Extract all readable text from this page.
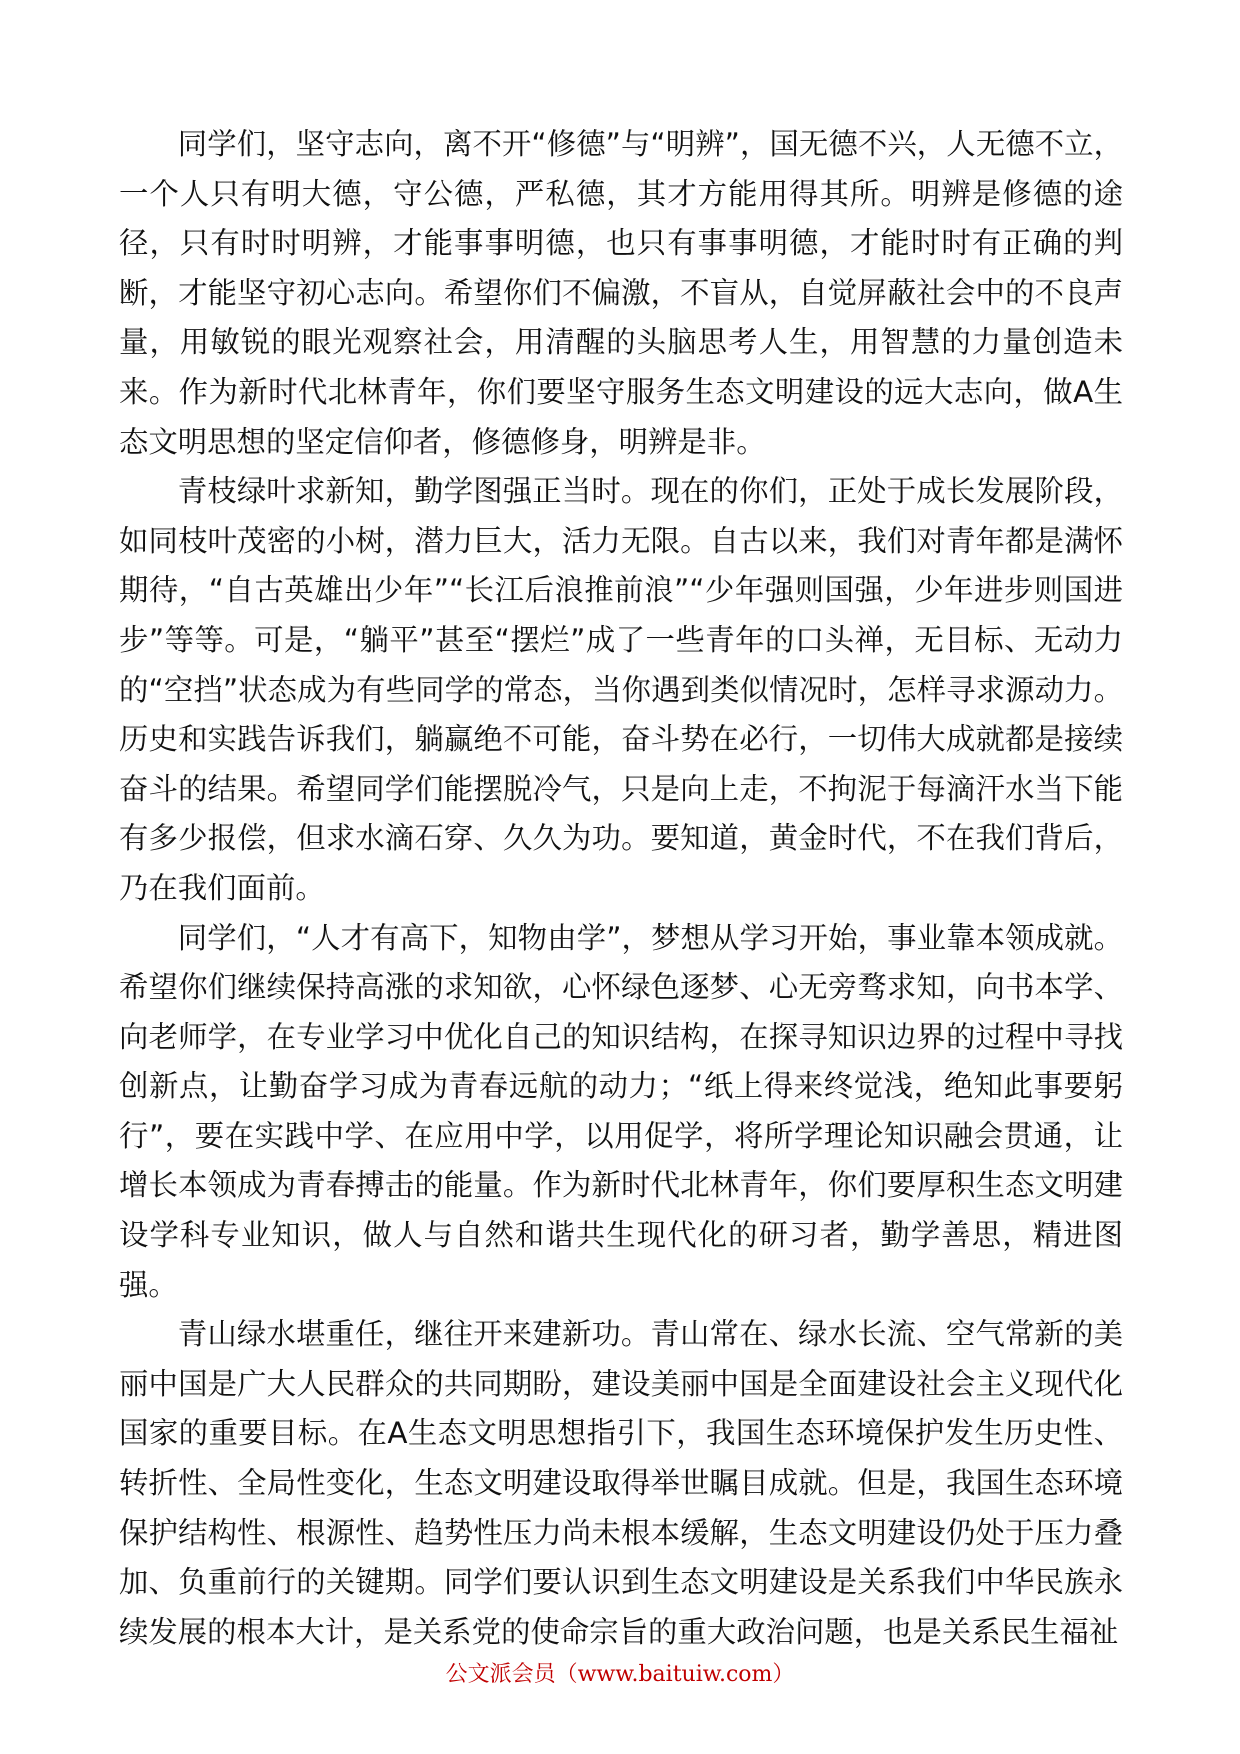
同学们，坚守志向，离不开“修德”与“明辨”，国无德不兴，人无德不立，一个人只有明大德，守公德，严私德，其才方能用得其所。明辨是修德的途径，只有时时明辨，才能事事明德，也只有事事明德，才能时时有正确的判断，才能坚守初心志向。希望你们不偏激，不盲从，自觉屏蔽社会中的不良声量，用敏锐的眼光观察社会，用清醒的头脑思考人生，用智慧的力量创造未来。作为新时代北林青年，你们要坚守服务生态文明建设的远大志向，做A生态文明思想的坚定信仰者，修德修身，明辨是非。

青枝绿叶求新知，勤学图强正当时。现在的你们，正处于成长发展阶段，如同枝叶茂密的小树，潜力巨大，活力无限。自古以来，我们对青年都是满怀期待，“自古英雄出少年”“长江后浪推前浪”“少年强则国强，少年进步则国进步”等等。可是，“躺平”甚至“摆烂”成了一些青年的口头禅，无目标、无动力的“空挡”状态成为有些同学的常态，当你遇到类似情况时，怎样寻求源动力。历史和实践告诉我们，躺赢绝不可能，奋斗势在必行，一切伟大成就都是接续奋斗的结果。希望同学们能摆脱冷气，只是向上走，不拘泥于每滴汗水当下能有多少报偿，但求水滴石穿、久久为功。要知道，黄金时代，不在我们背后，乃在我们面前。

同学们，“人才有高下，知物由学”，梦想从学习开始，事业靠本领成就。希望你们继续保持高涨的求知欲，心怀绿色逐梦、心无旁骛求知，向书本学、向老师学，在专业学习中优化自己的知识结构，在探寻知识边界的过程中寻找创新点，让勤奋学习成为青春远航的动力；“纸上得来终觉浅，绝知此事要躬行”，要在实践中学、在应用中学，以用促学，将所学理论知识融会贯通，让增长本领成为青春搏击的能量。作为新时代北林青年，你们要厚积生态文明建设学科专业知识，做人与自然和谐共生现代化的研习者，勤学善思，精进图强。

青山绿水堪重任，继往开来建新功。青山常在、绿水长流、空气常新的美丽中国是广大人民群众的共同期盼，建设美丽中国是全面建设社会主义现代化国家的重要目标。在A生态文明思想指引下，我国生态环境保护发生历史性、转折性、全局性变化，生态文明建设取得举世瞩目成就。但是，我国生态环境保护结构性、根源性、趋势性压力尚未根本缓解，生态文明建设仍处于压力叠加、负重前行的关键期。同学们要认识到生态文明建设是关系我们中华民族永续发展的根本大计，是关系党的使命宗旨的重大政治问题，也是关系民生福祉

公文派会员（www.baituiw.com）
